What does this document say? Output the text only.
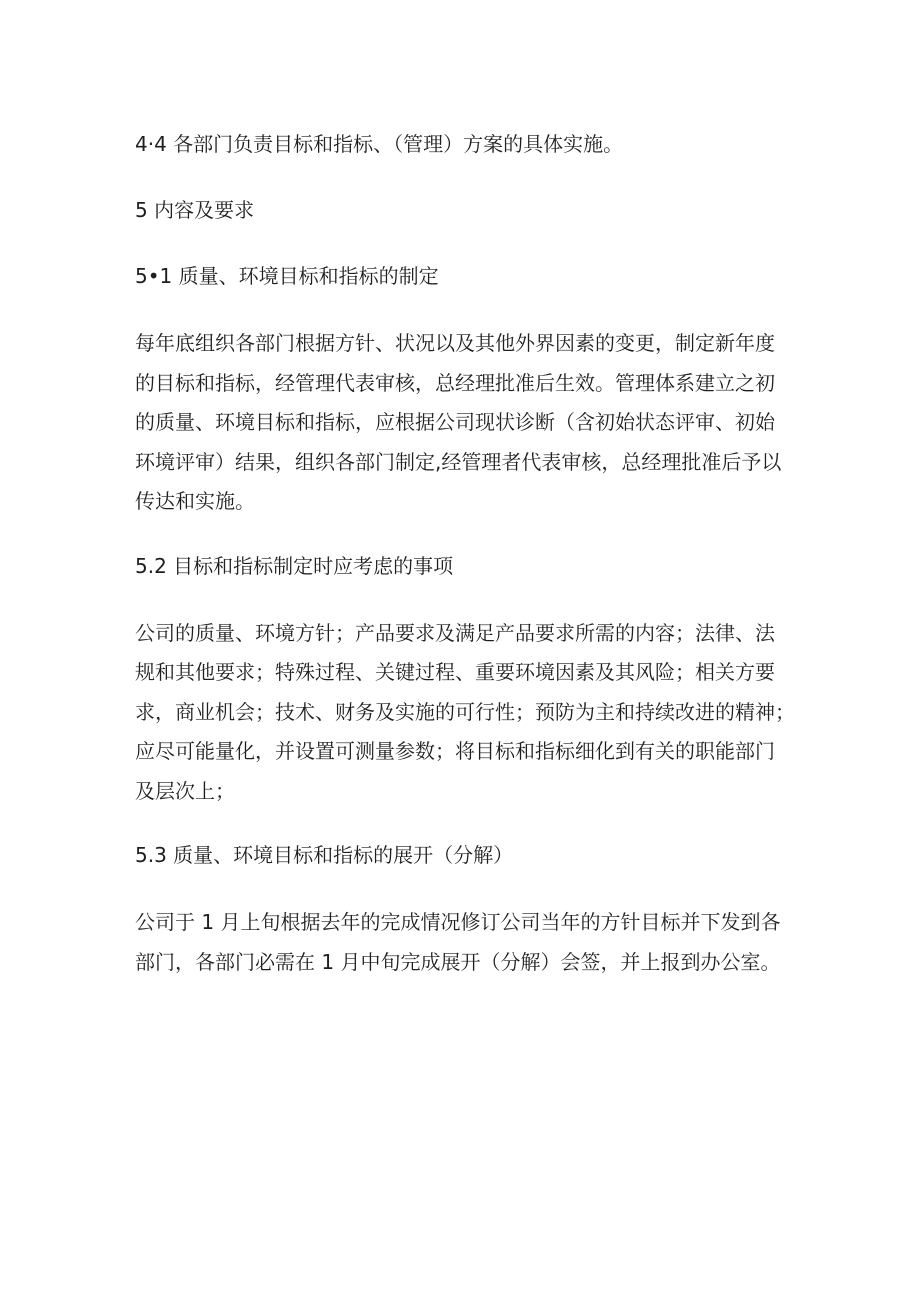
4·4 各部门负责目标和指标、（管理）方案的具体实施。
5 内容及要求
5•1 质量、环境目标和指标的制定
每年底组织各部门根据方针、状况以及其他外界因素的变更，制定新年度
的目标和指标，经管理代表审核，总经理批准后生效。管理体系建立之初
的质量、环境目标和指标，应根据公司现状诊断（含初始状态评审、初始
环境评审）结果，组织各部门制定,经管理者代表审核，总经理批准后予以
传达和实施。
5.2 目标和指标制定时应考虑的事项
公司的质量、环境方针；产品要求及满足产品要求所需的内容；法律、法
规和其他要求；特殊过程、关键过程、重要环境因素及其风险；相关方要
求，商业机会；技术、财务及实施的可行性；预防为主和持续改进的精神；
应尽可能量化，并设置可测量参数；将目标和指标细化到有关的职能部门
及层次上；
5.3 质量、环境目标和指标的展开（分解）
公司于 1 月上旬根据去年的完成情况修订公司当年的方针目标并下发到各
部门，各部门必需在 1 月中旬完成展开（分解）会签，并上报到办公室。
